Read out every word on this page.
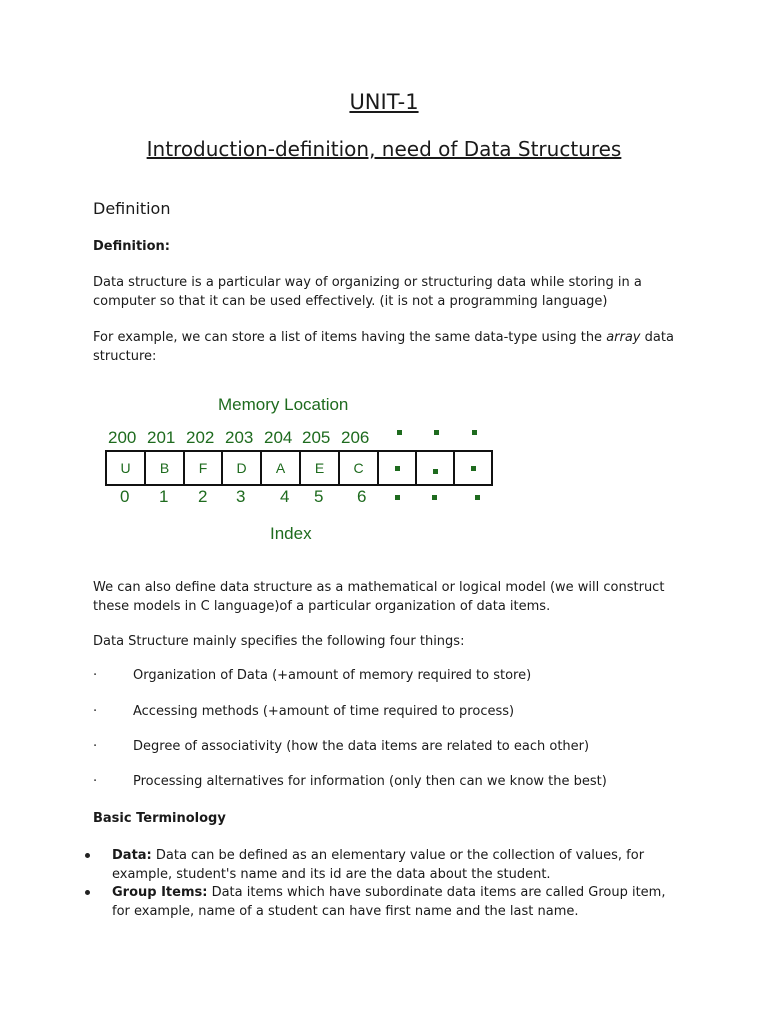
UNIT-1
Introduction-definition, need of Data Structures
Definition

Definition:

Data structure is a particular way of organizing or structuring data while storing in a computer so that it can be used effectively. (it is not a programming language)

For example, we can store a list of items having the same data-type using the array data structure:

Memory Location
200 201 202 203 204 205 206
U	B	F	D	A	E	C
0 1 2 3 4 5 6
Index

We can also define data structure as a mathematical or logical model (we will construct these models in C language)of a particular organization of data items.

Data Structure mainly specifies the following four things:

·	Organization of Data (+amount of memory required to store)

·	Accessing methods (+amount of time required to process)

·	Degree of associativity (how the data items are related to each other)

·	Processing alternatives for information (only then can we know the best)

Basic Terminology

Data: Data can be defined as an elementary value or the collection of values, for example, student's name and its id are the data about the student.
Group Items: Data items which have subordinate data items are called Group item, for example, name of a student can have first name and the last name.
